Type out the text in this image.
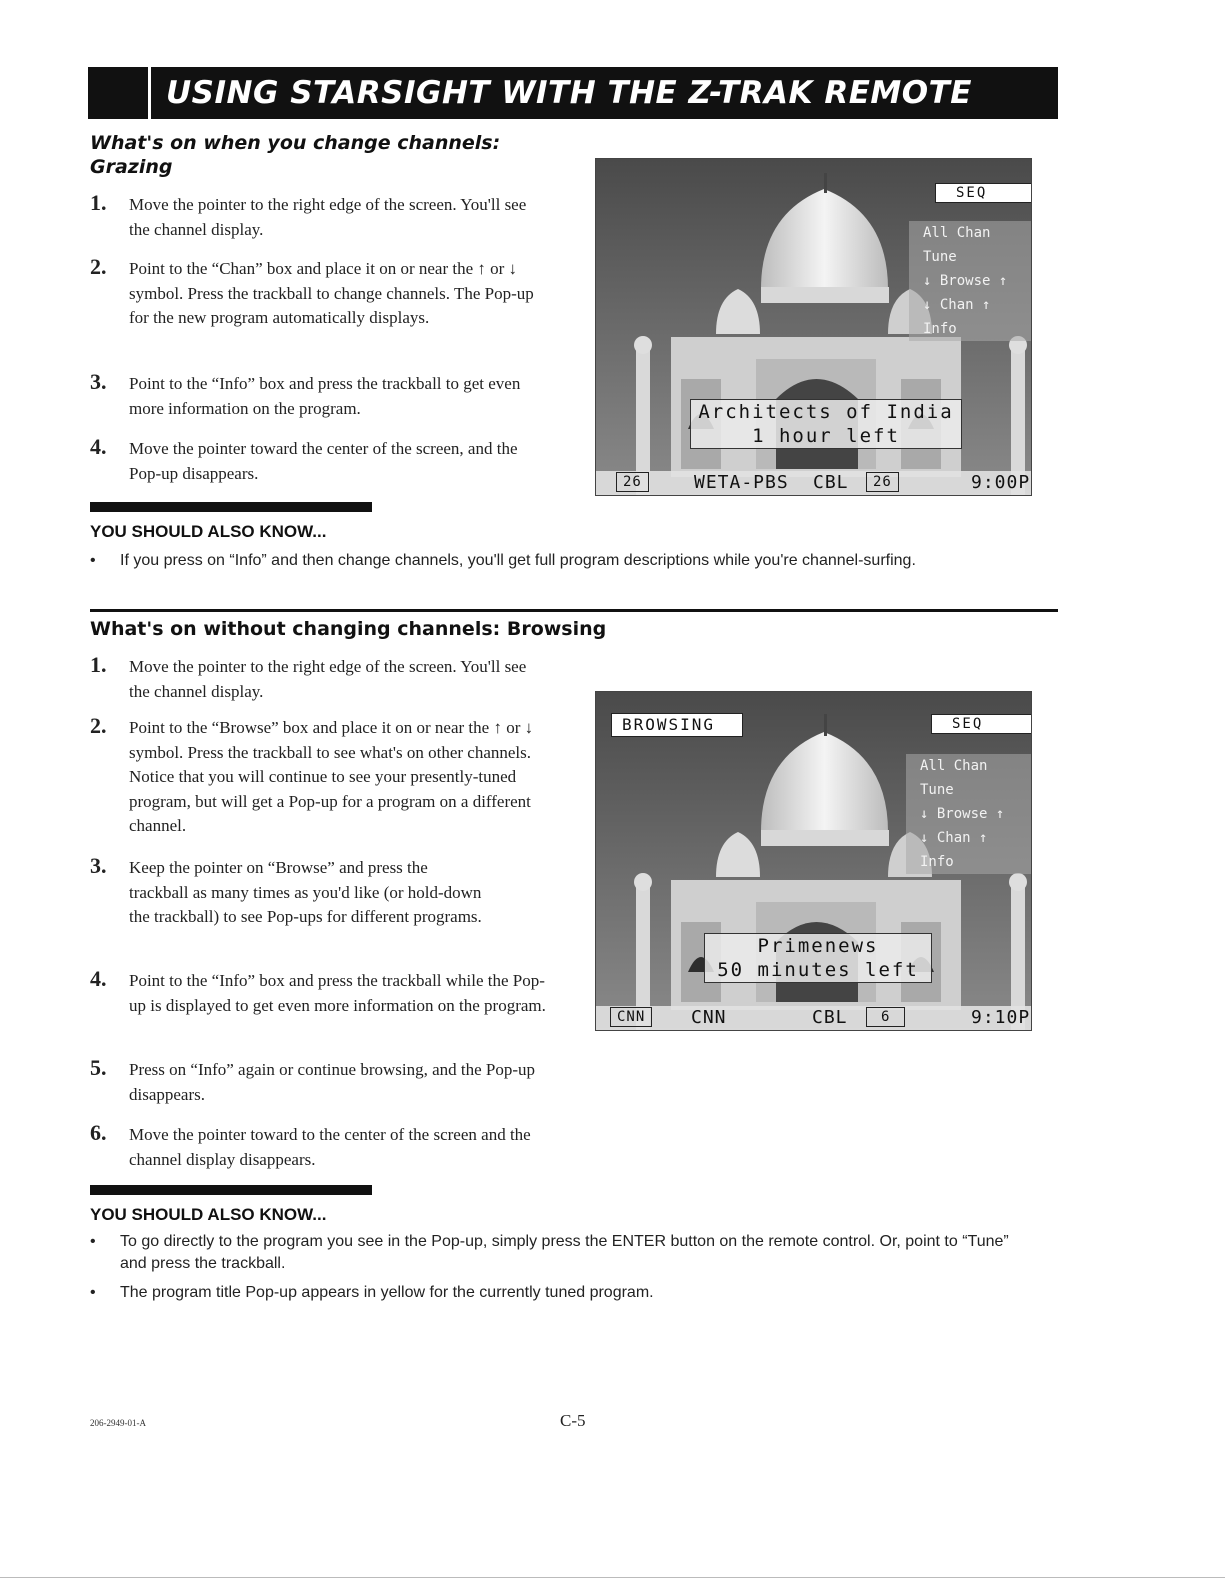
USING STARSIGHT WITH THE Z-TRAK REMOTE
What's on when you change channels:
Grazing
1. Move the pointer to the right edge of the screen. You'll see the channel display.
2. Point to the “Chan” box and place it on or near the ↑ or ↓ symbol. Press the trackball to change channels. The Pop-up for the new program automatically displays.
3. Point to the “Info” box and press the trackball to get even more information on the program.
4. Move the pointer toward the center of the screen, and the Pop-up disappears.
SEQ
All Chan
Tune
↓ Browse ↑
↓ Chan ↑
Info
Architects of India
1 hour left
26	WETA-PBS CBL	26	9:00P
YOU SHOULD ALSO KNOW...
• If you press on “Info” and then change channels, you'll get full program descriptions while you're channel-surfing.
What's on without changing channels: Browsing
1. Move the pointer to the right edge of the screen. You'll see the channel display.
2. Point to the “Browse” box and place it on or near the ↑ or ↓ symbol. Press the trackball to see what's on other channels. Notice that you will continue to see your presently-tuned program, but will get a Pop-up for a program on a different channel.
3. Keep the pointer on “Browse” and press the trackball as many times as you'd like (or hold-down the trackball) to see Pop-ups for different programs.
4. Point to the “Info” box and press the trackball while the Pop-up is displayed to get even more information on the program.
5. Press on “Info” again or continue browsing, and the Pop-up disappears.
6. Move the pointer toward to the center of the screen and the channel display disappears.
BROWSING	SEQ
All Chan
Tune
↓ Browse ↑
↓ Chan ↑
Info
Primenews
50 minutes left
CNN	CNN	CBL	6	9:10P
YOU SHOULD ALSO KNOW...
• To go directly to the program you see in the Pop-up, simply press the ENTER button on the remote control. Or, point to “Tune” and press the trackball.
• The program title Pop-up appears in yellow for the currently tuned program.
206-2949-01-A	C-5
